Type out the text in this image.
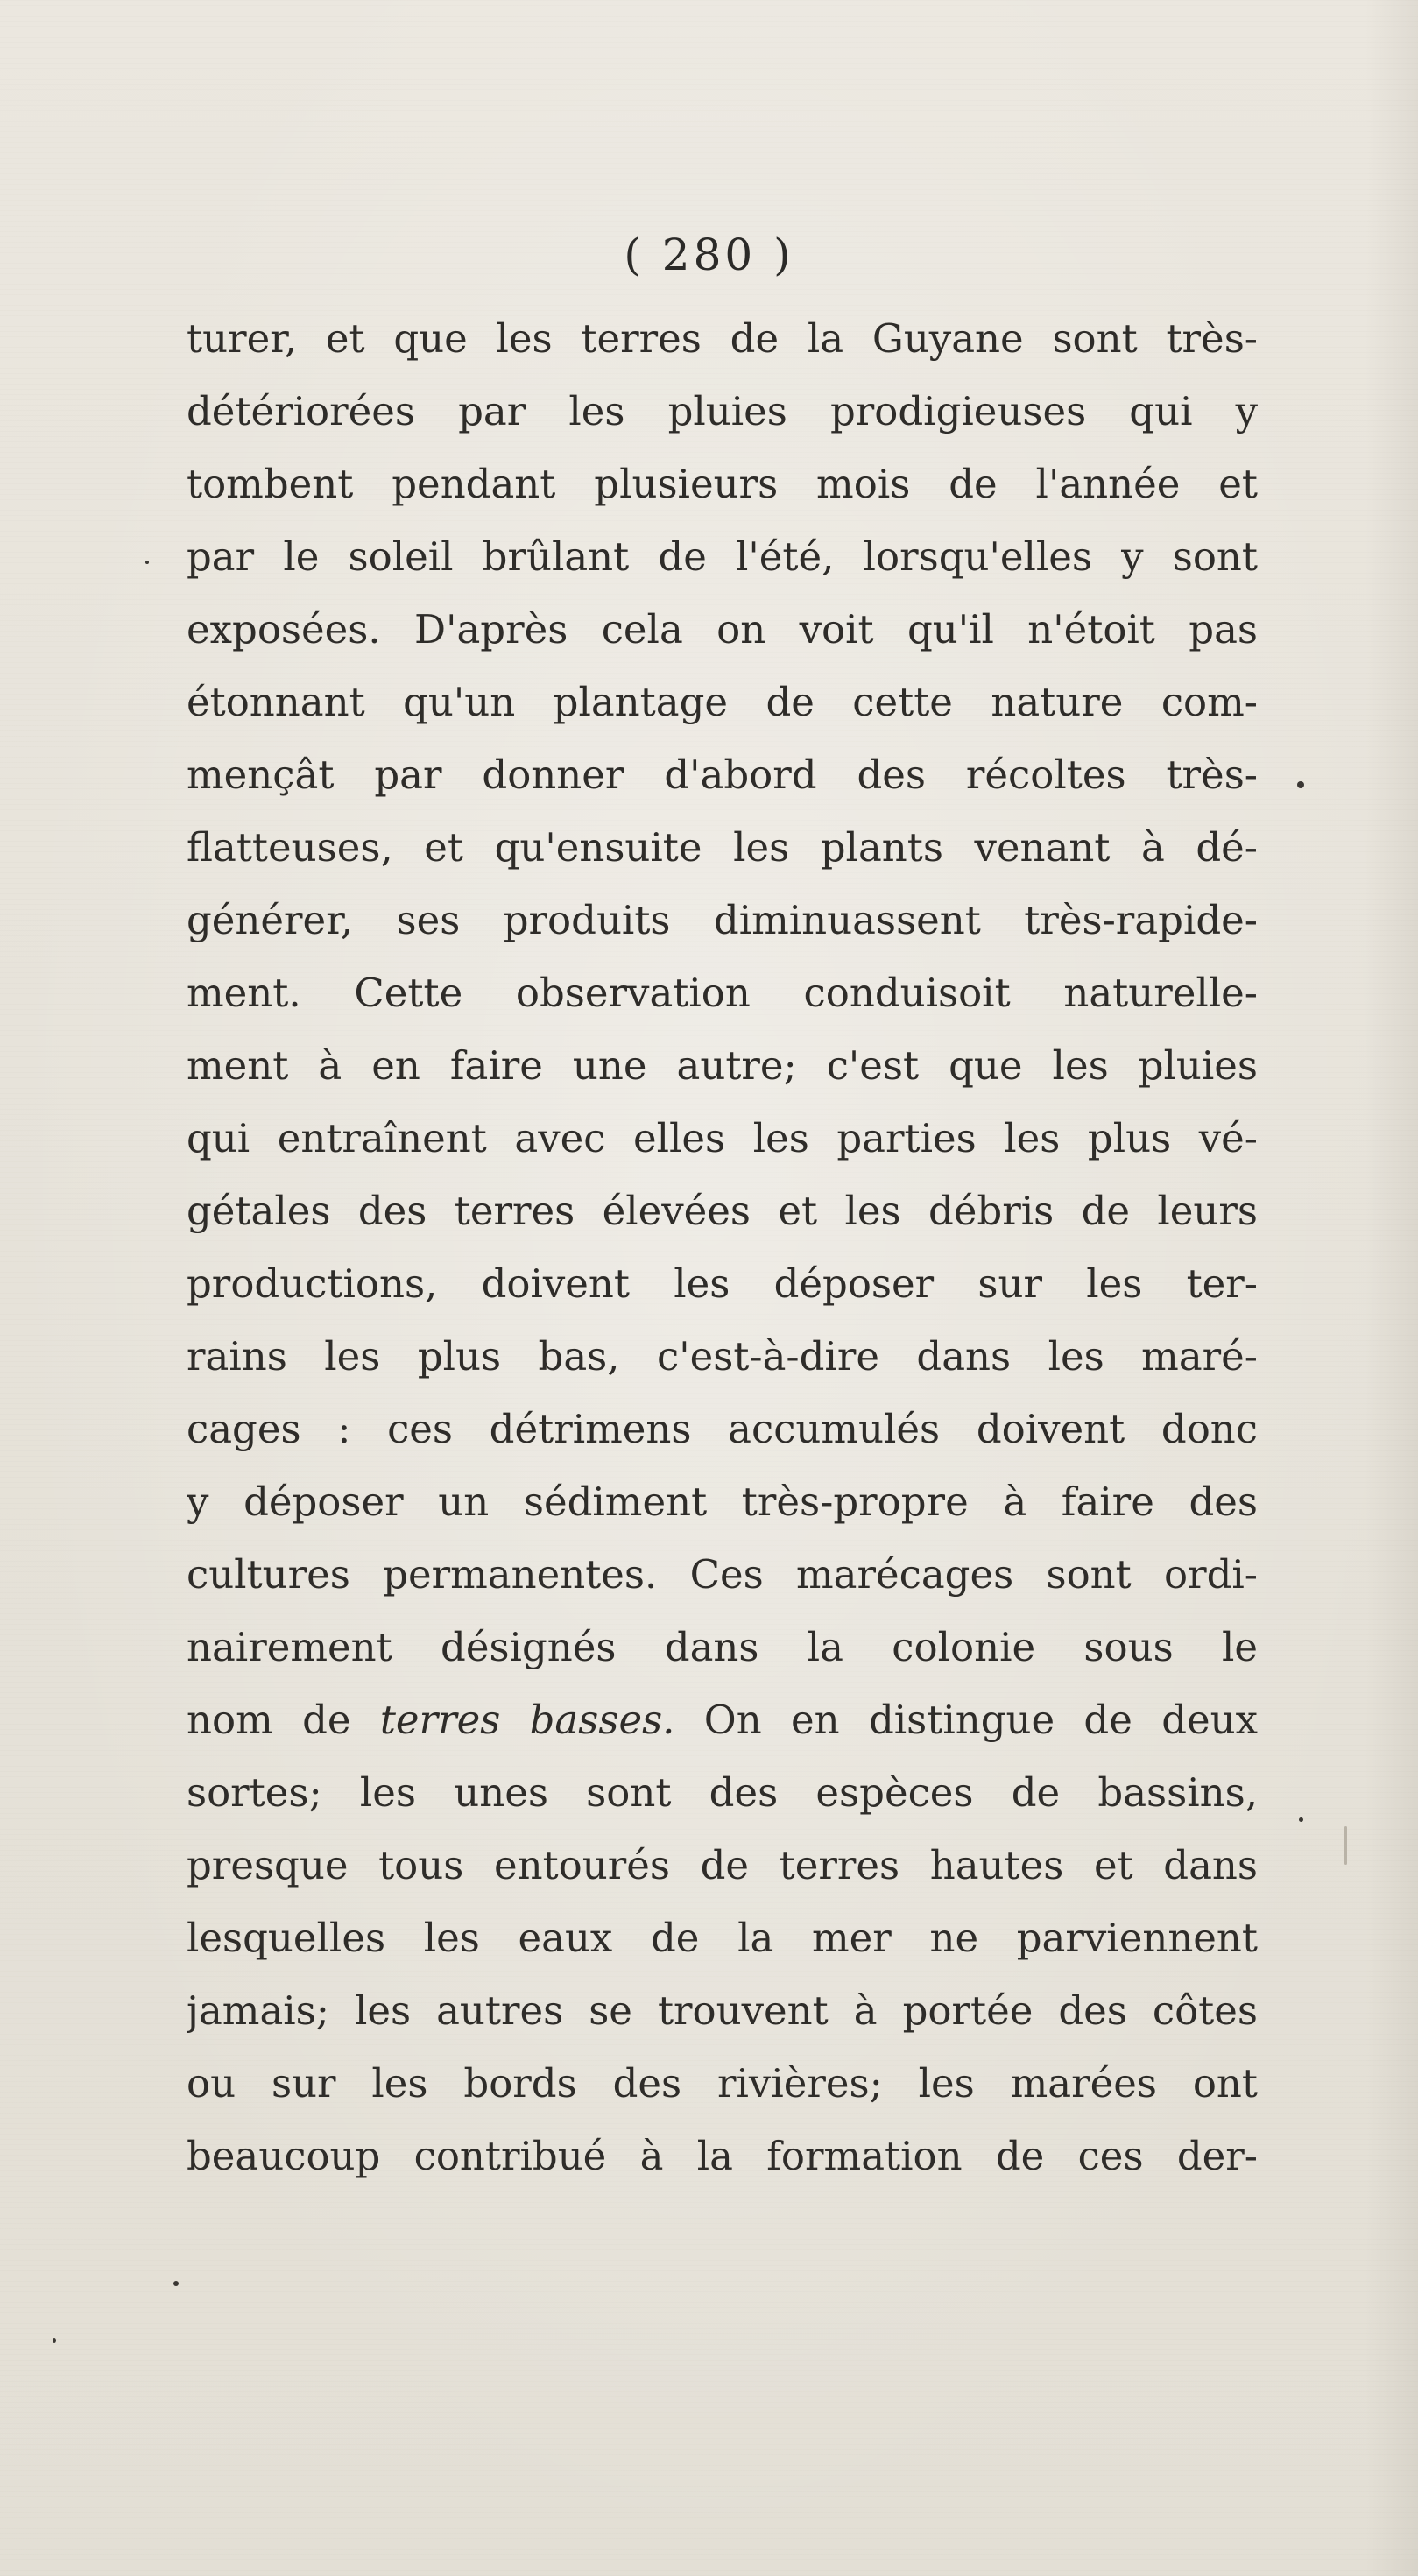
( 280 )
turer, et que les terres de la Guyane sont très-
détériorées par les pluies prodigieuses qui y
tombent pendant plusieurs mois de l'année et
par le soleil brûlant de l'été, lorsqu'elles y sont
exposées. D'après cela on voit qu'il n'étoit pas
étonnant qu'un plantage de cette nature com-
mençât par donner d'abord des récoltes très-
flatteuses, et qu'ensuite les plants venant à dé-
générer, ses produits diminuassent très-rapide-
ment. Cette observation conduisoit naturelle-
ment à en faire une autre; c'est que les pluies
qui entraînent avec elles les parties les plus vé-
gétales des terres élevées et les débris de leurs
productions, doivent les déposer sur les ter-
rains les plus bas, c'est-à-dire dans les maré-
cages : ces détrimens accumulés doivent donc
y déposer un sédiment très-propre à faire des
cultures permanentes. Ces marécages sont ordi-
nairement désignés dans la colonie sous le
nom de terres basses. On en distingue de deux
sortes; les unes sont des espèces de bassins,
presque tous entourés de terres hautes et dans
lesquelles les eaux de la mer ne parviennent
jamais; les autres se trouvent à portée des côtes
ou sur les bords des rivières; les marées ont
beaucoup contribué à la formation de ces der-
